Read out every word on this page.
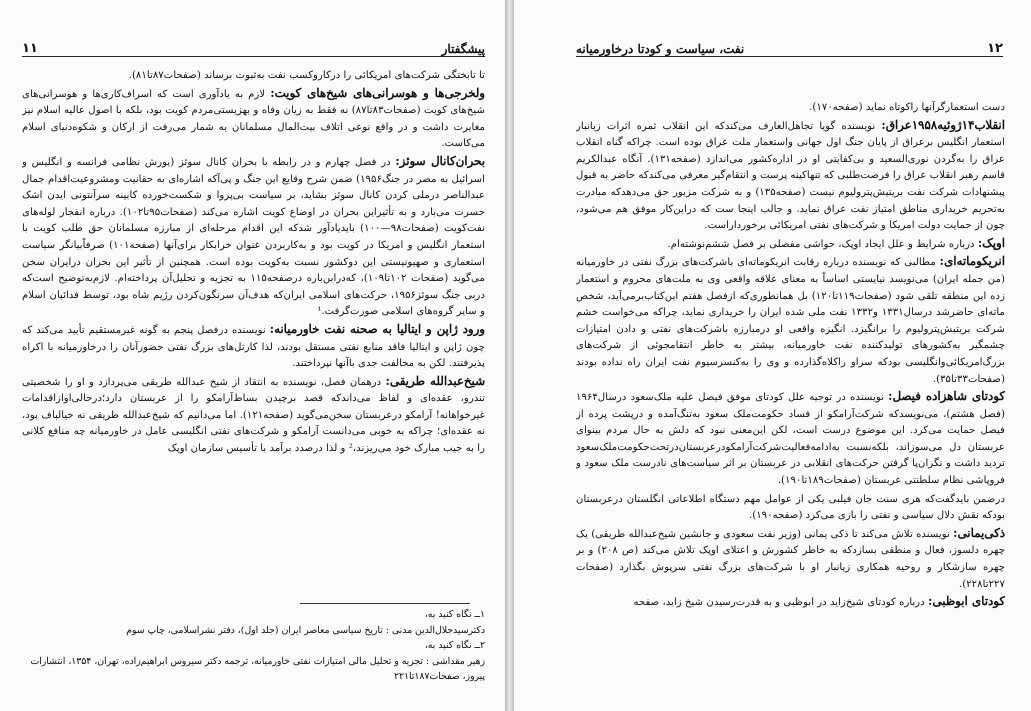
۱۱	پیشگفتار

تا تابختگی شرکت‌های امریکائی را درکاروکسب نفت به‌ثبوت برساند (صفحات۸۷تا۸۱).

ولخرجی‌ها و هوسرانی‌های شیخ‌های کویت: لازم به یادآوری است که اسراف‌کاری‌ها و هوسرانی‌های شیخ‌های کویت (صفحات۸۳تا۸۷) نه فقط به زیان وفاه و بهزیستی‌مردم کویت بود، بلکه با اصول عالیه اسلام نیز مغایرت داشت و در واقع نوعی اتلاف بیت‌المال مسلمانان به شمار می‌رفت از ارکان و شکوه‌دنیای اسلام می‌کاست.

بحران‌کانال سوئز: در فصل چهارم و در رابطه با بحران کانال سوئز (یورش نظامی فرانسه و انگلیس و اسرائیل به مصر در جنگ۱۹۵۶) ضمن شرح وقایع این جنگ و پی‌آ‌که اشاره‌ای به حقانیت ومشروعیت‌اقدام جمال عبدالناصر درملی کردن کانال سوئز بشاید، بر سیاست بی‌پروا و شکست‌خورده کابینه سرآنتونی ایدن اشک حسرت می‌بارد و به تأثیراین بحران در اوضاع کویت اشاره می‌کند (صفحات۹۵تا۱۰۲). درباره انفجار لوله‌های نفت‌کویت (صفحات۹۸—۱۰۰) بایدیادآور شدکه این اقدام مرحله‌ای از مبارزه مسلمانان حق طلب کویت با استعمار انگلیس و امریکا در کویت بود و به‌کاربردن عنوان خرابکار برای‌آنها (صفحه۱۰۱) صرفاًبیانگر سیاست استعماری و صهیونیستی این دوکشور نسبت به‌کویت بوده است. همچنین از تأثیر این بحران درایران سخن می‌گوید (صفحات ۱۰۲تا۱۰۹)، که‌درابن‌باره درصفحه۱۱۵ به تجزیه و تحلیل‌آن پرداخته‌ام. لازم‌به‌توضیح است‌که دربی جنگ سوئز۱۹۵۶، حرکت‌های اسلامی ایران‌که هدف‌آن سرنگون‌کردن رژیم شاه بود، توسط فدائیان اسلام و سایر گروه‌های اسلامی صورت‌گرفت.¹

ورود ژاپن و ایتالیا به صحنه نفت خاورمیانه: نویسنده درفصل پنجم به گونه غیرمستقیم تأیید می‌کند که چون ژاپن و ایتالیا فاقد منابع نفتی مستقل بودند، لذا کارتل‌های بزرگ نفتی حضورآنان را درخاورمیانه با اکراه پذیرفتند. لکن به مخالفت جدی باآنها نپرداختند.

شیخ‌عبدالله طریقی: درهمان فصل، نویسنده به انتقاد از شیخ عبدالله طریقی می‌پردازد و او را شخصیتی تندرو، عقده‌ای و لفاظ می‌داندکه قصد برچیدن بساط‌آرامکو را از عربستان دارد؛درحالی‌اوازاقدامات غیرخواهانه! آرامکو درعربستان سخن‌می‌گوید (صفحه۱۲۱). اما می‌دانیم که شیخ‌عبدالله طریقی نه خیالباف بود، نه عقده‌ای؛ چراکه به خوبی می‌دانست آرامکو و شرکت‌های نفتی انگلیسی عامل در خاورمیانه چه منافع کلانی را به جیب مبارک خود می‌ریزند،² و لذا درصدد برآمد با تأسیس سازمان اوپک

۱ــ نگاه کنید به،

دکترسیدجلال‌الدین مدنی : تاریخ سیاسی معاصر ایران (جلد اول)، دفتر نشراسلامی، چاپ سوم

۲ــ نگاه کنید به،

زهیر مقداشی : تجزیه و تحلیل مالی امتیازات نفتی خاورمیانه، ترجمه دکتر سیروس ابراهیم‌زاده، تهران، ۱۳۵۴، انتشارات پیروز، صفحات۱۸۷تا۲۲۱

نفت، سیاست و کودتا درخاورمیانه	۱۲

دست استعمارگرآنها راکوتاه نماید (صفحه۱۷۰).

انقلاب۱۴ژوئیه۱۹۵۸عراق: نویسنده گویا تجاهل‌العارف می‌کندکه این انقلاب ثمره اثرات زیانبار استعمار انگلیس برعراق از پایان جنگ اول جهانی واستعمار ملت عراق بوده است. چراکه گناه انقلاب عراق را به‌گردن نوری‌السعید و بی‌کفایتی او در اداره‌کشور می‌اندازد (صفحه۱۳۱). آنگاه عبدالکریم قاسم رهبر انقلاب عراق را فرصت‌طلبی که تنهاکینه پرست و انتقام‌گیر معرفی می‌کندکه حاضر به قبول پیشنهادات شرکت نفت بریتیش‌پترولیوم نیست (صفحه۱۳۵) و به شرکت مزبور حق می‌دهدکه مبادرت به‌تحریم خریداری مناطق امتیاز نفت عراق نماید. و جالب اینجا ست که دراین‌کار موفق هم می‌شود، چون از حمایت دولت امریکا و شرکت‌های نفتی امریکائی برخورداراست.

اوپک: درباره شرایط و علل ایجاد اوپک، حواشی مفصلی بر فصل ششم‌نوشته‌ام.

انریکوماته‌ای: مطالبی که نویسنده درباره رقابت انریکوماته‌ای باشرکت‌های بزرگ نفتی در خاورمیانه (من جمله ایران) می‌نویسد نیایستی اساساً به معنای علاقه واقعی وی به ملت‌های محروم و استعمار زده این منطقه تلقی شود (صفحات۱۱۹تا۱۲۰) بل همانطوری‌که ازفصل هفتم این‌کتاب‌برمی‌آید، شخص ماته‌ای حاضرشد درسال۱۳۳۱ و۱۳۳۲ نفت ملی شده ایران را خریداری نماید، چراکه می‌خواست خشم شرکت بریتیش‌پترولیوم را برانگیزد. انگیزه واقعی او درمبارزه باشرکت‌های نفتی و دادن امتیازات چشمگیر به‌کشورهای تولیدکننده نفت خاورمیانه، بیشتر به خاطر انتقامجوئی از شرکت‌های بزرگ‌امریکائی‌وانگلیسی بودکه سراو راکلاه‌گذارده و وی را به‌کنسرسیوم نفت ایران راه نداده بودند (صفحات۳۳تا۳۵).

کودتای شاهزاده فیصل: نویسنده در توجیه علل کودتای موفق فیصل علیه ملک‌سعود درسال۱۹۶۴ (فصل هشتم)، می‌نویسدکه شرکت‌آرامکو از فساد حکومت‌ملک سعود به‌تنگ‌آمده و درپشت پرده از فیصل حمایت می‌کرد. این موضوع درست است، لکن این‌معنی نبود که دلش به حال مردم بینوای عربستان دل می‌سوزاند، بلکه‌نسبت به‌ادامه‌فعالیت‌شرکت‌آرامکودرعربستان‌درتحت‌حکومت‌ملک‌سعود تردید داشت و نگران‌پا گرفتن حرکت‌های انقلابی در عربستان بر اثر سیاست‌های نادرست ملک سعود و فروپاشی نظام سلطنتی عربستان (صفحات۱۸۹تا۱۹۰).

درضمن بایدگفت‌که هری سنت جان فیلبی یکی از عوامل مهم دستگاه اطلاعاتی انگلستان درعربستان بودکه نقش دلال سیاسی و نفتی را بازی می‌کرد (صفحه۱۹۰).

ذکی‌یمانی: نویسنده تلاش می‌کند تا ذکی یمانی (وزیر نفت سعودی و جانشین شیخ‌عبدالله طریقی) یک چهره دلسوز، فعال و منطقی بسازدکه به خاطر کشورش و اعتلای اوپک تلاش می‌کند (ص ۲۰۸) و بر چهره سازشکار و روحیه همکاری زیانبار او با شرکت‌های بزرگ نفتی سرپوش بگذارد (صفحات ۲۲۷تا۲۲۸).

کودتای ابوظبی: درباره کودتای شیخ‌زاید در ابوظبی و به قدرت‌رسیدن شیخ زاید، صفحه
